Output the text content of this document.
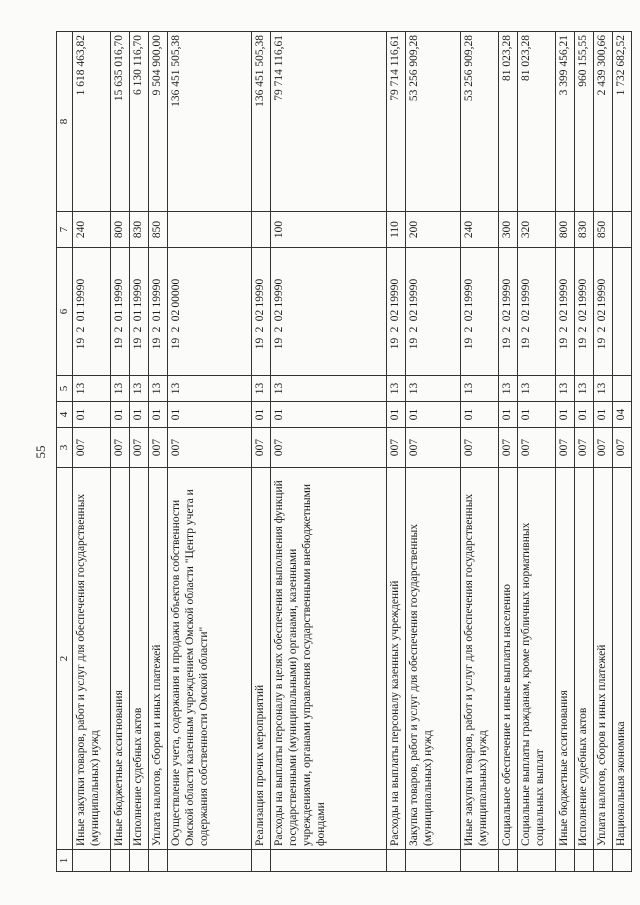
55
1	2	3	4	5	6	7	8
	Иные закупки товаров, работ и услуг для обеспечения государственных (муниципальных) нужд	007	01	13	1920119990	240	1 618 463,82
	Иные бюджетные ассигнования	007	01	13	1920119990	800	15 635 016,70
	Исполнение судебных актов	007	01	13	1920119990	830	6 130 116,70
	Уплата налогов, сборов и иных платежей	007	01	13	1920119990	850	9 504 900,00
	Осуществление учета, содержания и продажи объектов собственности Омской области казенным учреждением Омской области "Центр учета и содержания собственности Омской области"	007	01	13	1920200000		136 451 505,38
	Реализация прочих мероприятий	007	01	13	1920219990		136 451 505,38
	Расходы на выплаты персоналу в целях обеспечения выполнения функций государственными (муниципальными) органами, казенными учреждениями, органами управления государственными внебюджетными фондами	007	01	13	1920219990	100	79 714 116,61
	Расходы на выплаты персоналу казенных учреждений	007	01	13	1920219990	110	79 714 116,61
	Закупка товаров, работ и услуг для обеспечения государственных (муниципальных) нужд	007	01	13	1920219990	200	53 256 909,28
	Иные закупки товаров, работ и услуг для обеспечения государственных (муниципальных) нужд	007	01	13	1920219990	240	53 256 909,28
	Социальное обеспечение и иные выплаты населению	007	01	13	1920219990	300	81 023,28
	Социальные выплаты гражданам, кроме публичных нормативных социальных выплат	007	01	13	1920219990	320	81 023,28
	Иные бюджетные ассигнования	007	01	13	1920219990	800	3 399 456,21
	Исполнение судебных актов	007	01	13	1920219990	830	960 155,55
	Уплата налогов, сборов и иных платежей	007	01	13	1920219990	850	2 439 300,66
	Национальная экономика	007	04				1 732 682,52
